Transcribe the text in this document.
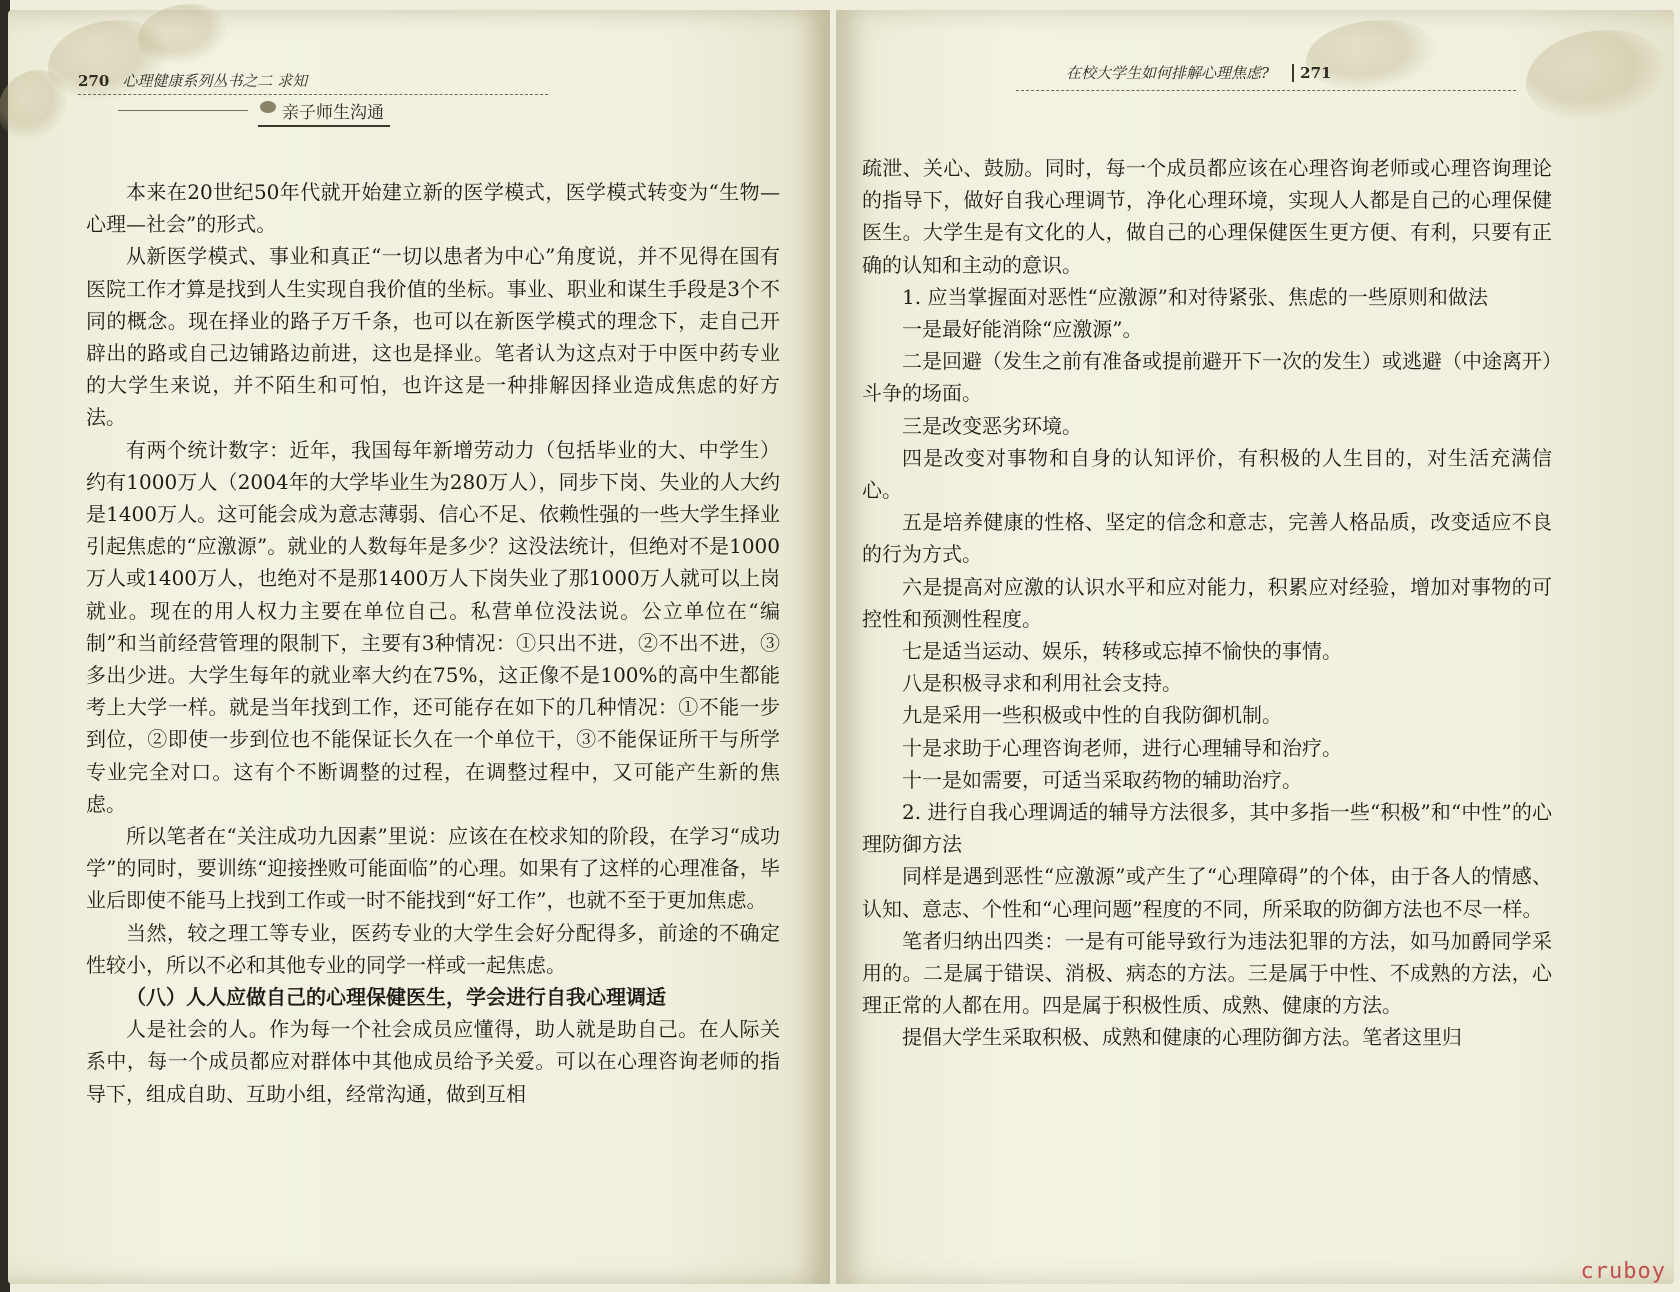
270 心理健康系列丛书之二 求知
亲子师生沟通

本来在20世纪50年代就开始建立新的医学模式，医学模式转变为“生物—心理—社会”的形式。

从新医学模式、事业和真正“一切以患者为中心”角度说，并不见得在国有医院工作才算是找到人生实现自我价值的坐标。事业、职业和谋生手段是3个不同的概念。现在择业的路子万千条，也可以在新医学模式的理念下，走自己开辟出的路或自己边铺路边前进，这也是择业。笔者认为这点对于中医中药专业的大学生来说，并不陌生和可怕，也许这是一种排解因择业造成焦虑的好方法。

有两个统计数字：近年，我国每年新增劳动力（包括毕业的大、中学生）约有1000万人（2004年的大学毕业生为280万人），同步下岗、失业的人大约是1400万人。这可能会成为意志薄弱、信心不足、依赖性强的一些大学生择业引起焦虑的“应激源”。就业的人数每年是多少？这没法统计，但绝对不是1000万人或1400万人，也绝对不是那1400万人下岗失业了那1000万人就可以上岗就业。现在的用人权力主要在单位自己。私营单位没法说。公立单位在“编制”和当前经营管理的限制下，主要有3种情况：①只出不进，②不出不进，③多出少进。大学生每年的就业率大约在75%，这正像不是100%的高中生都能考上大学一样。就是当年找到工作，还可能存在如下的几种情况：①不能一步到位，②即使一步到位也不能保证长久在一个单位干，③不能保证所干与所学专业完全对口。这有个不断调整的过程，在调整过程中，又可能产生新的焦虑。

所以笔者在“关注成功九因素”里说：应该在在校求知的阶段，在学习“成功学”的同时，要训练“迎接挫败可能面临”的心理。如果有了这样的心理准备，毕业后即使不能马上找到工作或一时不能找到“好工作”，也就不至于更加焦虑。

当然，较之理工等专业，医药专业的大学生会好分配得多，前途的不确定性较小，所以不必和其他专业的同学一样或一起焦虑。

（八）人人应做自己的心理保健医生，学会进行自我心理调适

人是社会的人。作为每一个社会成员应懂得，助人就是助自己。在人际关系中，每一个成员都应对群体中其他成员给予关爱。可以在心理咨询老师的指导下，组成自助、互助小组，经常沟通，做到互相

在校大学生如何排解心理焦虑? 271

疏泄、关心、鼓励。同时，每一个成员都应该在心理咨询老师或心理咨询理论的指导下，做好自我心理调节，净化心理环境，实现人人都是自己的心理保健医生。大学生是有文化的人，做自己的心理保健医生更方便、有利，只要有正确的认知和主动的意识。

1. 应当掌握面对恶性“应激源”和对待紧张、焦虑的一些原则和做法

一是最好能消除“应激源”。

二是回避（发生之前有准备或提前避开下一次的发生）或逃避（中途离开）斗争的场面。

三是改变恶劣环境。

四是改变对事物和自身的认知评价，有积极的人生目的，对生活充满信心。

五是培养健康的性格、坚定的信念和意志，完善人格品质，改变适应不良的行为方式。

六是提高对应激的认识水平和应对能力，积累应对经验，增加对事物的可控性和预测性程度。

七是适当运动、娱乐，转移或忘掉不愉快的事情。

八是积极寻求和利用社会支持。

九是采用一些积极或中性的自我防御机制。

十是求助于心理咨询老师，进行心理辅导和治疗。

十一是如需要，可适当采取药物的辅助治疗。

2. 进行自我心理调适的辅导方法很多，其中多指一些“积极”和“中性”的心理防御方法

同样是遇到恶性“应激源”或产生了“心理障碍”的个体，由于各人的情感、认知、意志、个性和“心理问题”程度的不同，所采取的防御方法也不尽一样。

笔者归纳出四类：一是有可能导致行为违法犯罪的方法，如马加爵同学采用的。二是属于错误、消极、病态的方法。三是属于中性、不成熟的方法，心理正常的人都在用。四是属于积极性质、成熟、健康的方法。

提倡大学生采取积极、成熟和健康的心理防御方法。笔者这里归

cruboy
